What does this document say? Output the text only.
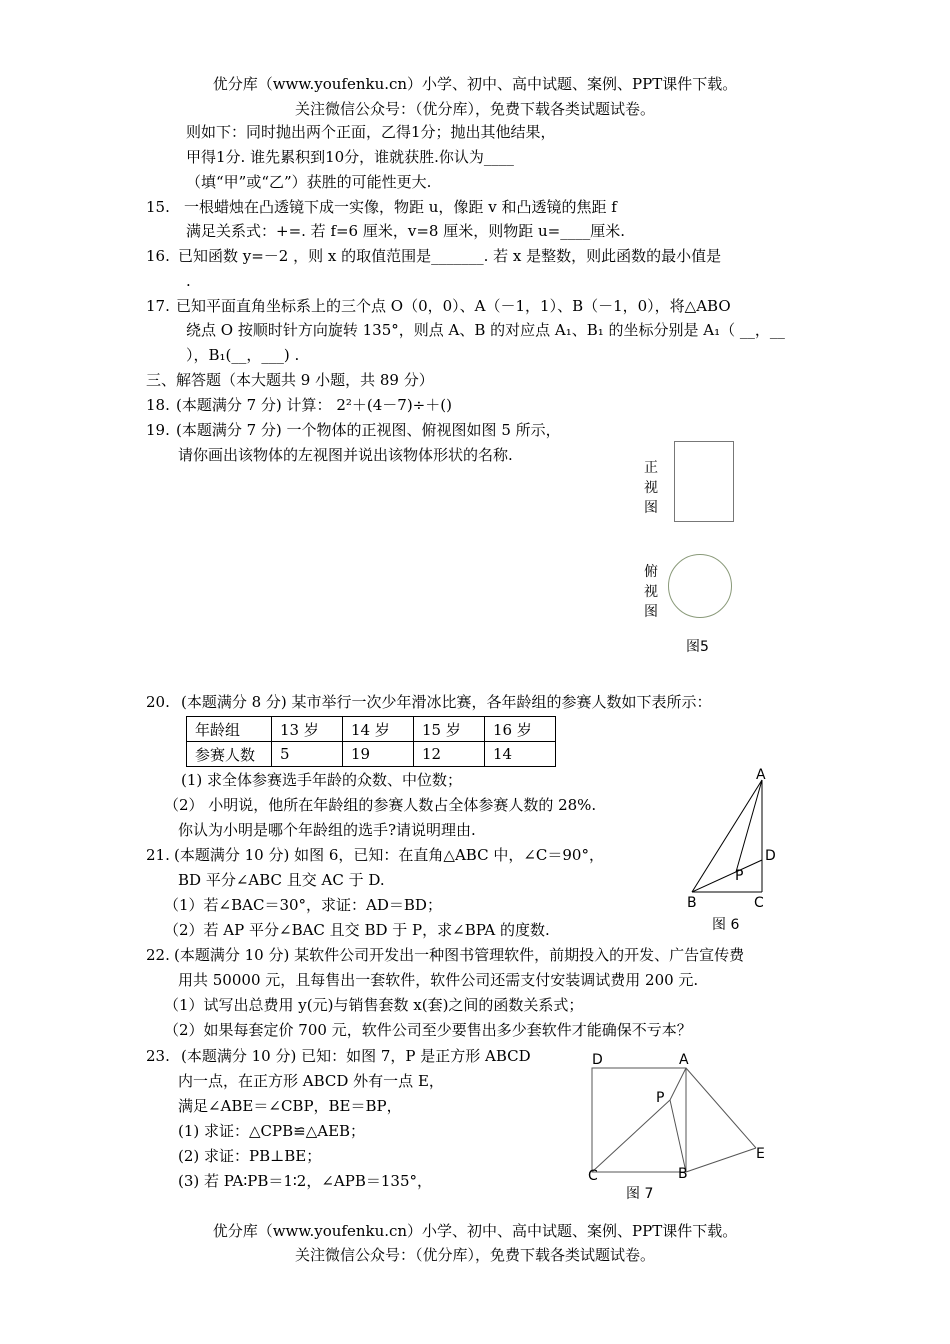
优分库（www.youfenku.cn）小学、初中、高中试题、案例、PPT课件下载。
关注微信公众号：（优分库），免费下载各类试题试卷。
则如下：同时抛出两个正面，乙得1分；抛出其他结果，
甲得1分. 谁先累积到10分，谁就获胜.你认为____
（填“甲”或“乙”）获胜的可能性更大.
15. 一根蜡烛在凸透镜下成一实像，物距 u，像距 v 和凸透镜的焦距 f
满足关系式：+=. 若 f=6 厘米，v=8 厘米，则物距 u=____厘米.
16. 已知函数 y=－2 ，则 x 的取值范围是_______. 若 x 是整数，则此函数的最小值是
.
17. 已知平面直角坐标系上的三个点 O（0，0）、A（－1，1）、B（－1，0），将△ABO
绕点 O 按顺时针方向旋转 135°，则点 A、B 的对应点 A₁、B₁ 的坐标分别是 A₁（ __，__
），B₁(__，___) .
三、解答题（本大题共 9 小题，共 89 分）
18. (本题满分 7 分) 计算： 2²＋(4－7)÷＋()
19. (本题满分 7 分) 一个物体的正视图、俯视图如图 5 所示，
请你画出该物体的左视图并说出该物体形状的名称.
正
视
图
俯
视
图
图5
20. (本题满分 8 分) 某市举行一次少年滑冰比赛，各年龄组的参赛人数如下表所示：
年龄组	13 岁	14 岁	15 岁	16 岁
参赛人数	5	19	12	14
(1) 求全体参赛选手年龄的众数、中位数；
（2） 小明说，他所在年龄组的参赛人数占全体参赛人数的 28%.
你认为小明是哪个年龄组的选手?请说明理由.
A
D
P
B	C
图 6
21. (本题满分 10 分) 如图 6，已知：在直角△ABC 中，∠C＝90°，
BD 平分∠ABC 且交 AC 于 D.
（1）若∠BAC＝30°，求证：AD＝BD；
（2）若 AP 平分∠BAC 且交 BD 于 P，求∠BPA 的度数.
22. (本题满分 10 分) 某软件公司开发出一种图书管理软件，前期投入的开发、广告宣传费
用共 50000 元，且每售出一套软件，软件公司还需支付安装调试费用 200 元.
（1）试写出总费用 y(元)与销售套数 x(套)之间的函数关系式；
（2）如果每套定价 700 元，软件公司至少要售出多少套软件才能确保不亏本？
23. (本题满分 10 分) 已知：如图 7，P 是正方形 ABCD
内一点，在正方形 ABCD 外有一点 E，
满足∠ABE＝∠CBP，BE＝BP，
(1) 求证：△CPB≌△AEB；
(2) 求证：PB⊥BE；
(3) 若 PA∶PB＝1∶2，∠APB＝135°，
D	A
P
E
C	B
图 7
优分库（www.youfenku.cn）小学、初中、高中试题、案例、PPT课件下载。
关注微信公众号：（优分库），免费下载各类试题试卷。
